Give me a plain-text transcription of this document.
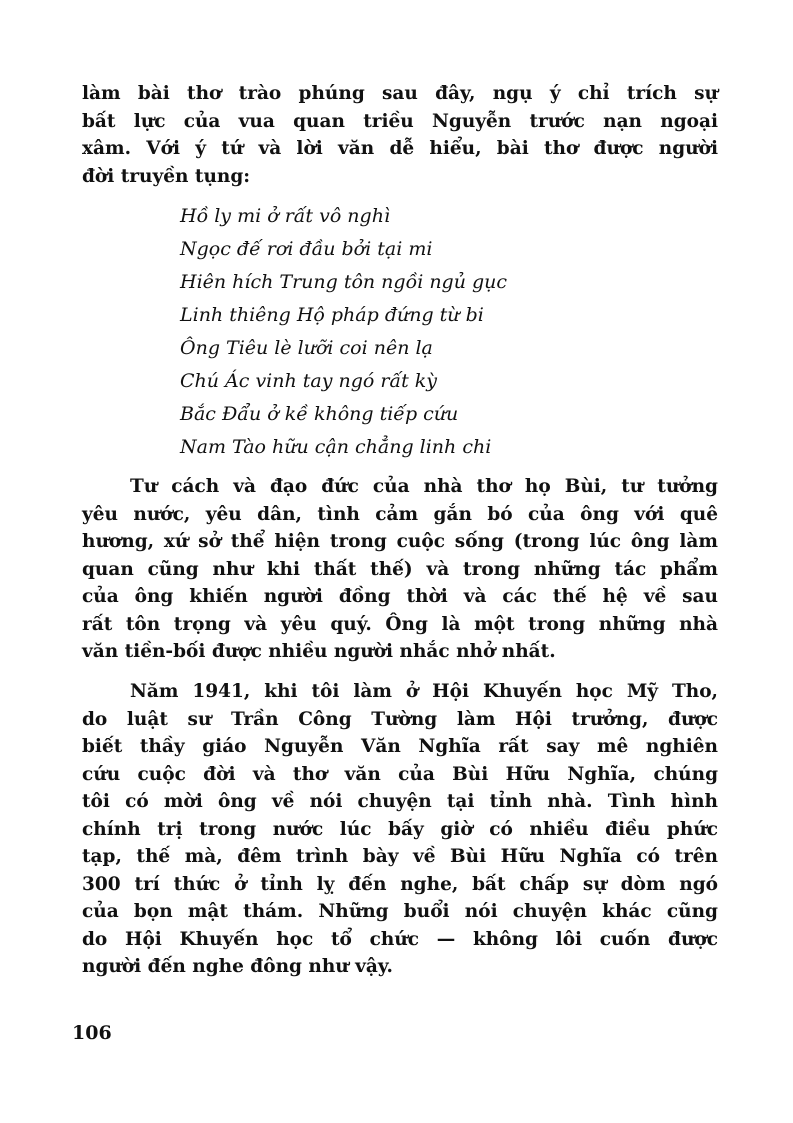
làm bài thơ trào phúng sau đây, ngụ ý chỉ trích sự
bất lực của vua quan triều Nguyễn trước nạn ngoại
xâm. Với ý tứ và lời văn dễ hiểu, bài thơ được người
đời truyền tụng:

Hồ ly mi ở rất vô nghì
Ngọc đế rơi đầu bởi tại mi
Hiên hích Trung tôn ngồi ngủ gục
Linh thiêng Hộ pháp đứng từ bi
Ông Tiêu lè lưỡi coi nên lạ
Chú Ác vinh tay ngó rất kỳ
Bắc Đẩu ở kề không tiếp cứu
Nam Tào hữu cận chẳng linh chi

Tư cách và đạo đức của nhà thơ họ Bùi, tư tưởng
yêu nước, yêu dân, tình cảm gắn bó của ông với quê
hương, xứ sở thể hiện trong cuộc sống (trong lúc ông làm
quan cũng như khi thất thế) và trong những tác phẩm
của ông khiến người đồng thời và các thế hệ về sau
rất tôn trọng và yêu quý. Ông là một trong những nhà
văn tiền-bối được nhiều người nhắc nhở nhất.

Năm 1941, khi tôi làm ở Hội Khuyến học Mỹ Tho,
do luật sư Trần Công Tường làm Hội trưởng, được
biết thầy giáo Nguyễn Văn Nghĩa rất say mê nghiên
cứu cuộc đời và thơ văn của Bùi Hữu Nghĩa, chúng
tôi có mời ông về nói chuyện tại tỉnh nhà. Tình hình
chính trị trong nước lúc bấy giờ có nhiều điều phức
tạp, thế mà, đêm trình bày về Bùi Hữu Nghĩa có trên
300 trí thức ở tỉnh lỵ đến nghe, bất chấp sự dòm ngó
của bọn mật thám. Những buổi nói chuyện khác cũng
do Hội Khuyến học tổ chức — không lôi cuốn được
người đến nghe đông như vậy.

106
